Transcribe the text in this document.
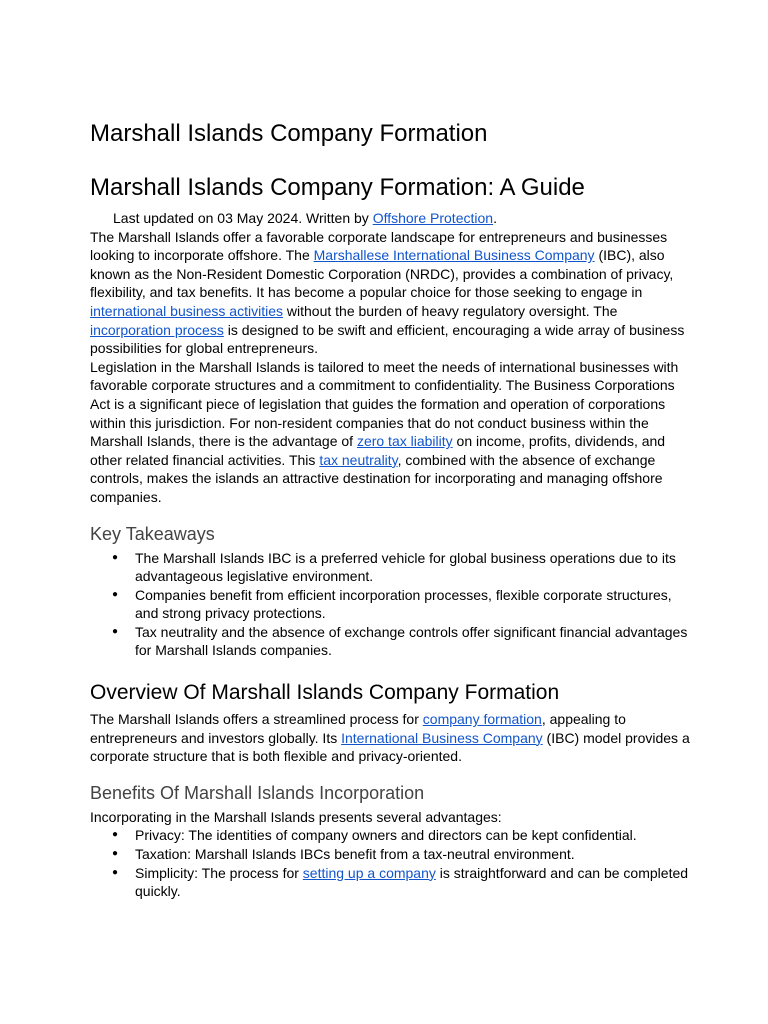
Marshall Islands Company Formation
Marshall Islands Company Formation: A Guide

Last updated on 03 May 2024. Written by Offshore Protection.

The Marshall Islands offer a favorable corporate landscape for entrepreneurs and businesses looking to incorporate offshore. The Marshallese International Business Company (IBC), also known as the Non-Resident Domestic Corporation (NRDC), provides a combination of privacy, flexibility, and tax benefits. It has become a popular choice for those seeking to engage in international business activities without the burden of heavy regulatory oversight. The incorporation process is designed to be swift and efficient, encouraging a wide array of business possibilities for global entrepreneurs.

Legislation in the Marshall Islands is tailored to meet the needs of international businesses with favorable corporate structures and a commitment to confidentiality. The Business Corporations Act is a significant piece of legislation that guides the formation and operation of corporations within this jurisdiction. For non-resident companies that do not conduct business within the Marshall Islands, there is the advantage of zero tax liability on income, profits, dividends, and other related financial activities. This tax neutrality, combined with the absence of exchange controls, makes the islands an attractive destination for incorporating and managing offshore companies.

Key Takeaways
● The Marshall Islands IBC is a preferred vehicle for global business operations due to its advantageous legislative environment.
● Companies benefit from efficient incorporation processes, flexible corporate structures, and strong privacy protections.
● Tax neutrality and the absence of exchange controls offer significant financial advantages for Marshall Islands companies.
Overview Of Marshall Islands Company Formation

The Marshall Islands offers a streamlined process for company formation, appealing to entrepreneurs and investors globally. Its International Business Company (IBC) model provides a corporate structure that is both flexible and privacy-oriented.

Benefits Of Marshall Islands Incorporation

Incorporating in the Marshall Islands presents several advantages:

● Privacy: The identities of company owners and directors can be kept confidential.
● Taxation: Marshall Islands IBCs benefit from a tax-neutral environment.
● Simplicity: The process for setting up a company is straightforward and can be completed quickly.
